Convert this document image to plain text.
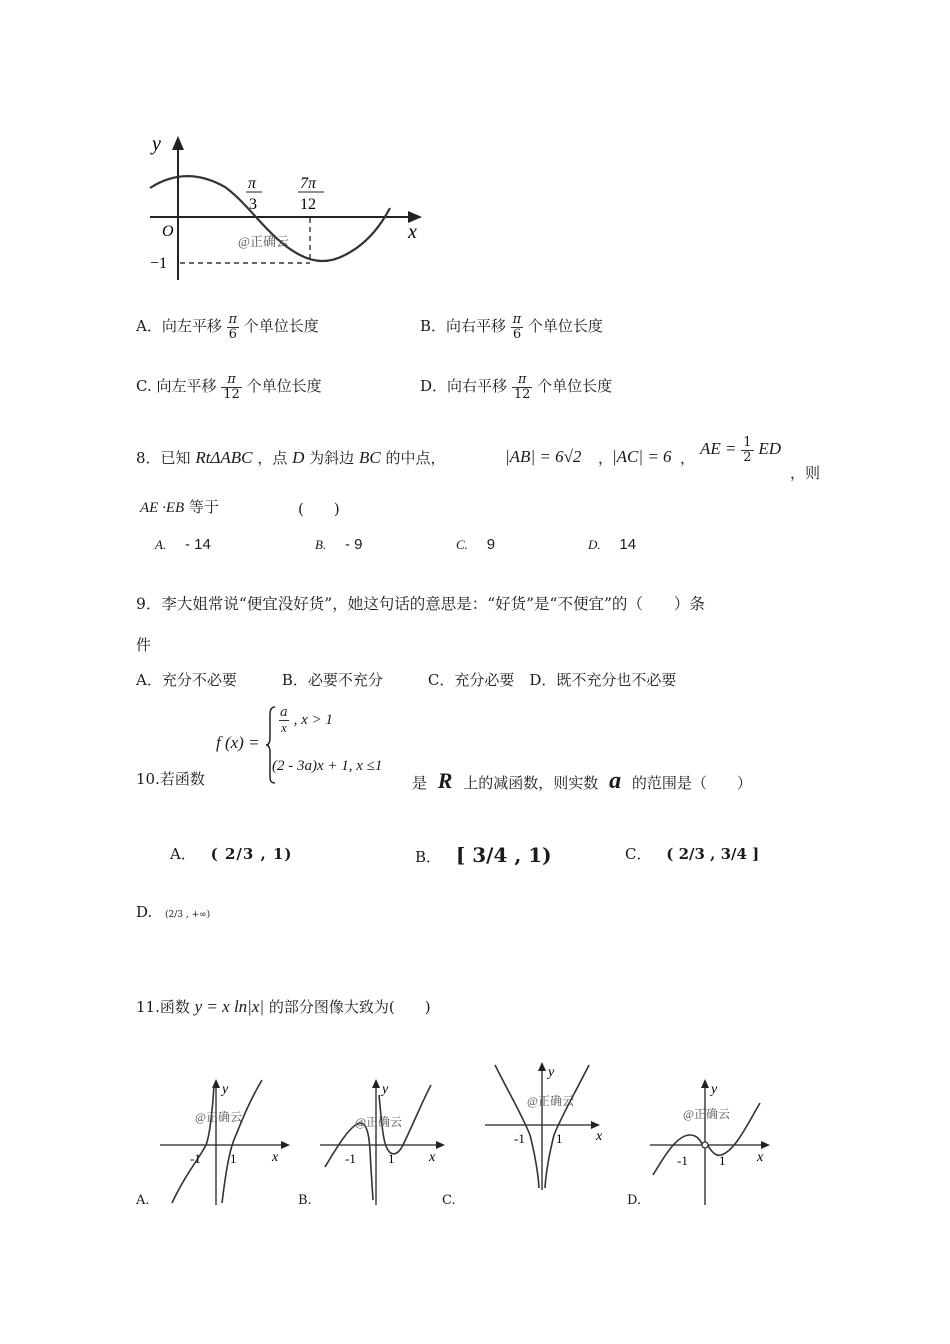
y
x
O
π
3
7π
12
−1
@正确云
A．向左平移 $\frac{\pi}{6}$ 个单位长度	B．向右平移 $\frac{\pi}{6}$ 个单位长度
C. 向左平移 $\frac{\pi}{12}$ 个单位长度	D．向右平移 $\frac{\pi}{12}$ 个单位长度
8．已知 RtΔABC ，点 D 为斜边 BC 的中点，	|AB| = 6√2 ，
|AC| = 6 ， AE = $\frac{1}{2}$ ED
，则
AE ·EB 等于	(　　)
A. - 14	B. - 9	C. 9	D. 14
9．李大姐常说“便宜没好货”，她这句话的意思是：“好货”是“不便宜”的（　　）条
件
A．充分不必要　　　B．必要不充分　　　C．充分必要　D．既不充分也不必要
10.若函数
f (x) =
$\frac{a}{x}$ , x > 1
(2 - 3a)x + 1, x ≤1
是 R 上的减函数，则实数 a 的范围是（　　）
A． ( 2/3 , 1)	B． [ 3/4 , 1)	C． ( 2/3 , 3/4 ]
D. (2/3 , +∞)
11.函数 y = x ln|x| 的部分图像大致为(　　)
y
x
-1 1
@正确云
A.
y
x
-1 1
@正确云
B.
y
x
-1 1
@正确云
C.
y
x
-1 1
@正确云
D.
